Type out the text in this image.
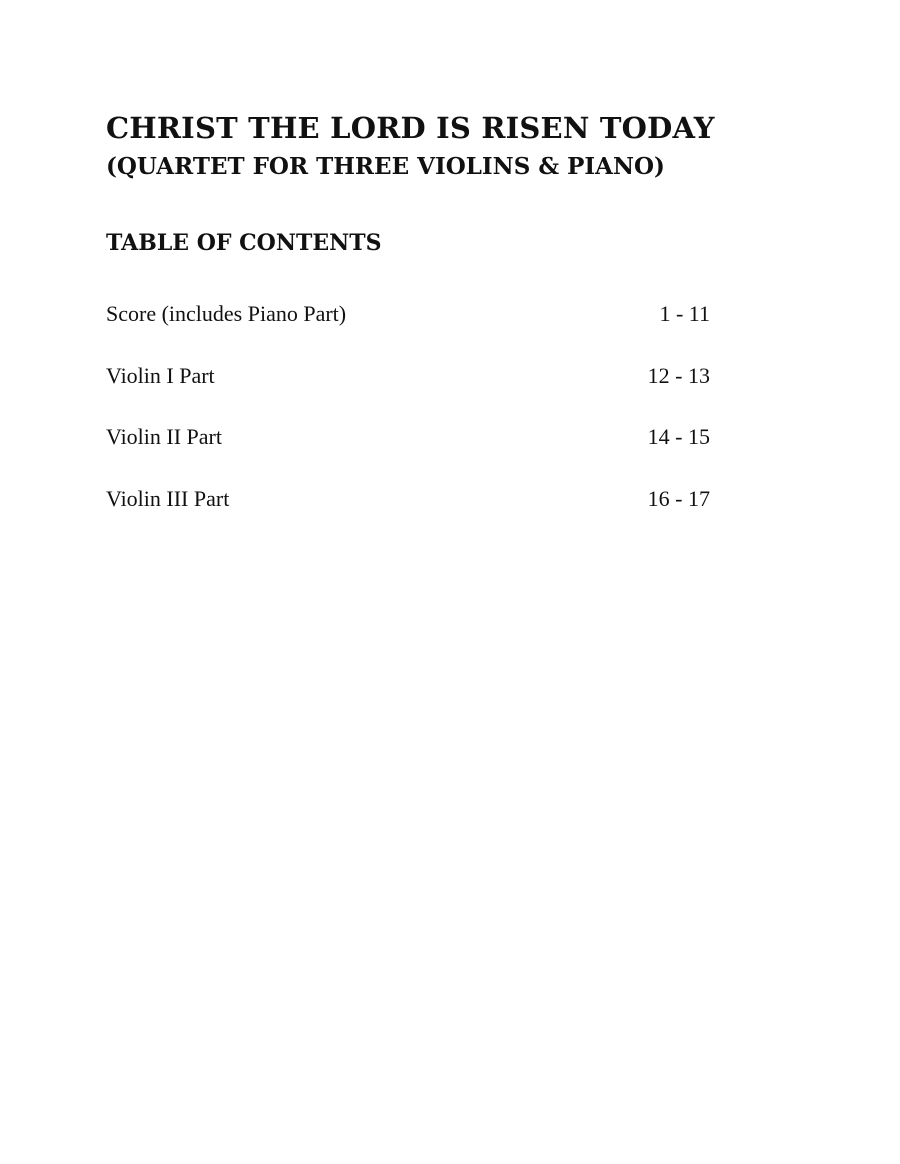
CHRIST THE LORD IS RISEN TODAY
(QUARTET FOR THREE VIOLINS & PIANO)
TABLE OF CONTENTS
Score (includes Piano Part)	1 - 11
Violin I Part	12 - 13
Violin II Part	14 - 15
Violin III Part	16 - 17
